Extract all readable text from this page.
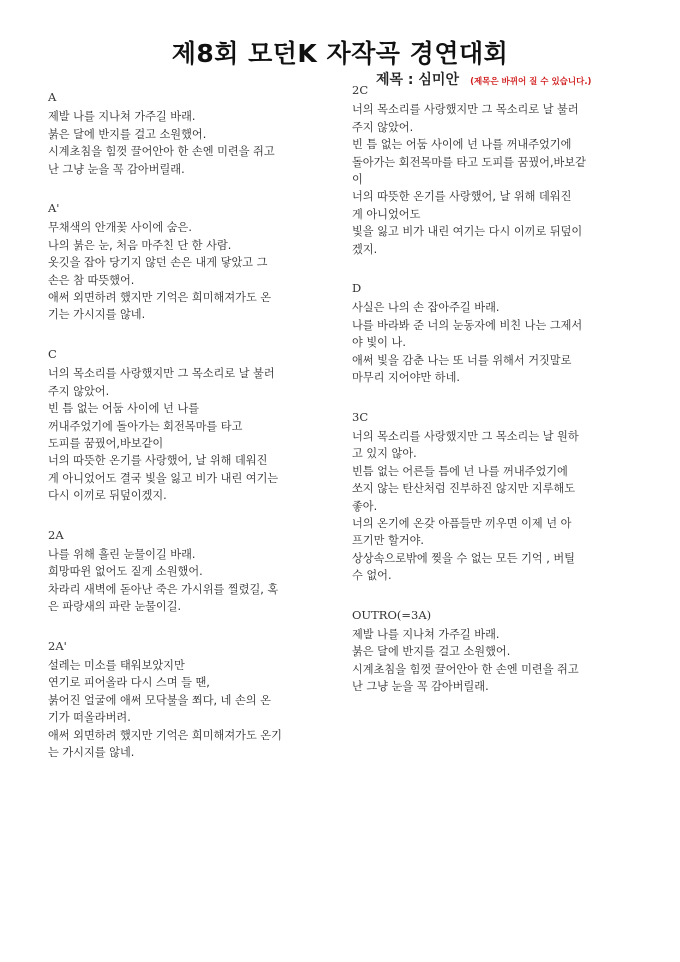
제8회 모던K 자작곡 경연대회
제목 : 심미안 (제목은 바뀌어 질 수 있습니다.)
A
제발 나를 지나쳐 가주길 바래.
붉은 달에 반지를 걸고 소원했어.
시계초침을 힘껏 끌어안아 한 손엔 미련을 쥐고
난 그냥 눈을 꼭 감아버릴래.
A'
무채색의 안개꽃 사이에 숨은.
나의 붉은 눈, 처음 마주친 단 한 사람.
옷깃을 잡아 당기지 않던 손은 내게 닿았고 그
손은 참 따뜻했어.
애써 외면하려 했지만 기억은 희미해져가도 온
기는 가시지를 않네.
C
너의 목소리를 사랑했지만 그 목소리로 날 불러
주지 않았어.
빈 틈 없는 어둠 사이에 넌 나를
꺼내주었기에 돌아가는 회전목마를 타고
도피를 꿈꿨어,바보같이
너의 따뜻한 온기를 사랑했어, 날 위해 데워진
게 아니었어도 결국 빛을 잃고 비가 내린 여기는
다시 이끼로 뒤덮이겠지.
2A
나를 위해 흘린 눈물이길 바래.
희망따윈 없어도 짙게 소원했어.
차라리 새벽에 돋아난 죽은 가시위를 찔렸길, 혹
은 파랑새의 파란 눈물이길.
2A'
설레는 미소를 태워보았지만
연기로 피어올라 다시 스며 들 땐,
붉어진 얼굴에 애써 모닥불을 쬐다, 네 손의 온
기가 떠올라버려.
애써 외면하려 했지만 기억은 희미해져가도 온기
는 가시지를 않네.
2C
너의 목소리를 사랑했지만 그 목소리로 날 불러
주지 않았어.
빈 틈 없는 어둠 사이에 넌 나를 꺼내주었기에
돌아가는 회전목마를 타고 도피를 꿈꿨어,바보같
이
너의 따뜻한 온기를 사랑했어, 날 위해 데워진
게 아니었어도
빛을 잃고 비가 내린 여기는 다시 이끼로 뒤덮이
겠지.
D
사실은 나의 손 잡아주길 바래.
나를 바라봐 준 너의 눈동자에 비친 나는 그제서
야 빛이 나.
애써 빛을 감춘 나는 또 너를 위해서 거짓말로
마무리 지어야만 하네.
3C
너의 목소리를 사랑했지만 그 목소리는 날 원하
고 있지 않아.
빈틈 없는 어른들 틈에 넌 나를 꺼내주었기에
쏘지 않는 탄산처럼 진부하진 않지만 지루해도
좋아.
너의 온기에 온갖 아픔들만 끼우면 이제 넌 아
프기만 할거야.
상상속으로밖에 찢을 수 없는 모든 기억 , 버틸
수 없어.
OUTRO(=3A)
제발 나를 지나쳐 가주길 바래.
붉은 달에 반지를 걸고 소원했어.
시계초침을 힘껏 끌어안아 한 손엔 미련을 쥐고
난 그냥 눈을 꼭 감아버릴래.
